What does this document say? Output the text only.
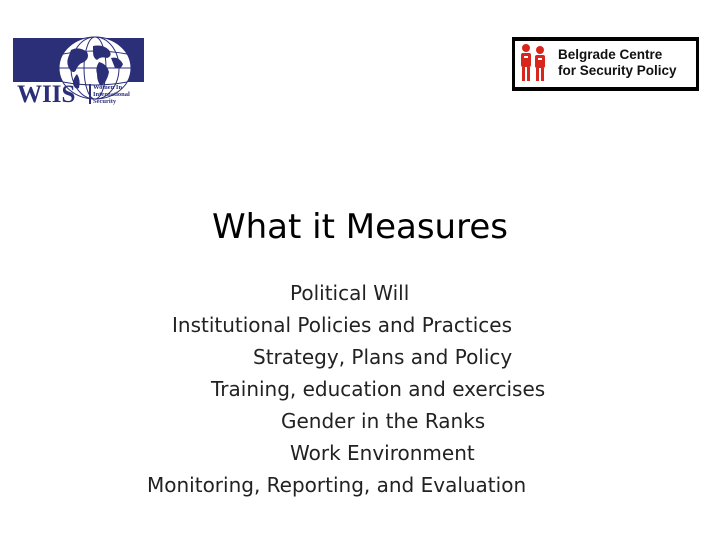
WIIS	Women In International Security
Belgrade Centre
for Security Policy
What it Measures
Political Will
Institutional Policies and Practices
Strategy, Plans and Policy
Training, education and exercises
Gender in the Ranks
Work Environment
Monitoring, Reporting, and Evaluation
